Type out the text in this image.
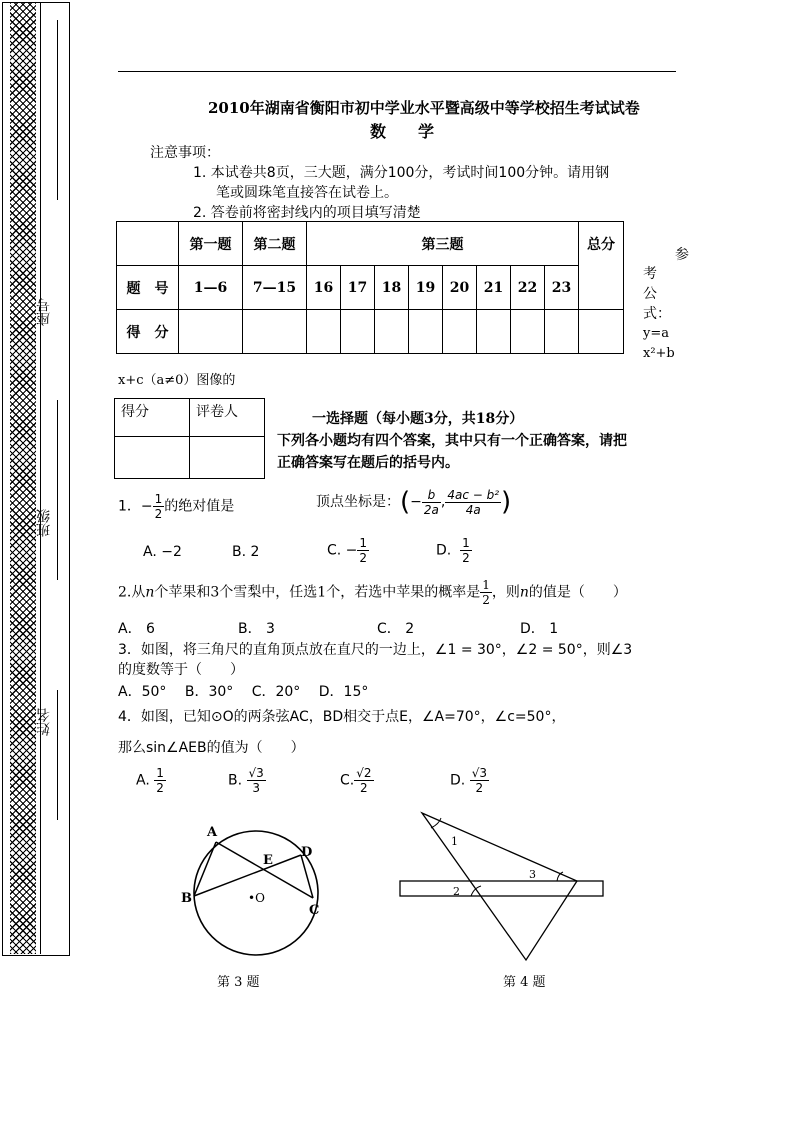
座号
班级
姓名
2010年湖南省衡阳市初中学业水平暨高级中等学校招生考试试卷
数　　学
注意事项：
1. 本试卷共8页，三大题，满分100分，考试时间100分钟。请用钢
笔或圆珠笔直接答在试卷上。
2. 答卷前将密封线内的项目填写清楚
	第一题	第二题	第三题								总分
题　号	1—6	7—15	16	17	18	19	20	21	22	23	
得　分											
参
考
公
式：
y=a
x²+b
x+c（a≠0）图像的
得分	评卷人
		一选择题（每小题3分，共18分）
下列各小题均有四个答案，其中只有一个正确答案，请把
正确答案写在题后的括号内。
1．− $\frac{1}{2}$ 的绝对值是	顶点坐标是：(− $\frac{b}{2a}$ , $\frac{\text{4ac − b²}}{4a}$ )
A. −2	B. 2	C. − $\frac{1}{2}$	D. $\frac{1}{2}$
2.从n个苹果和3个雪梨中，任选1个，若选中苹果的概率是 $\frac{1}{2}$ ，则n的值是（　　）
A． 6	B． 3	C． 2	D． 1
3．如图，将三角尺的直角顶点放在直尺的一边上，∠1 = 30°，∠2 = 50°，则∠3
的度数等于（　　）
A．50°　 B．30°　 C．20°　 D．15°
4．如图，已知⊙O的两条弦AC，BD相交于点E，∠A=70°，∠c=50°，
那么sin∠AEB的值为（　　）
A. $\frac{1}{2}$	B. $\frac{√3}{3}$	C. $\frac{√2}{2}$	D. $\frac{√3}{2}$
A
B
C
D
E
•O
1
2
3
第 3 题	第 4 题
